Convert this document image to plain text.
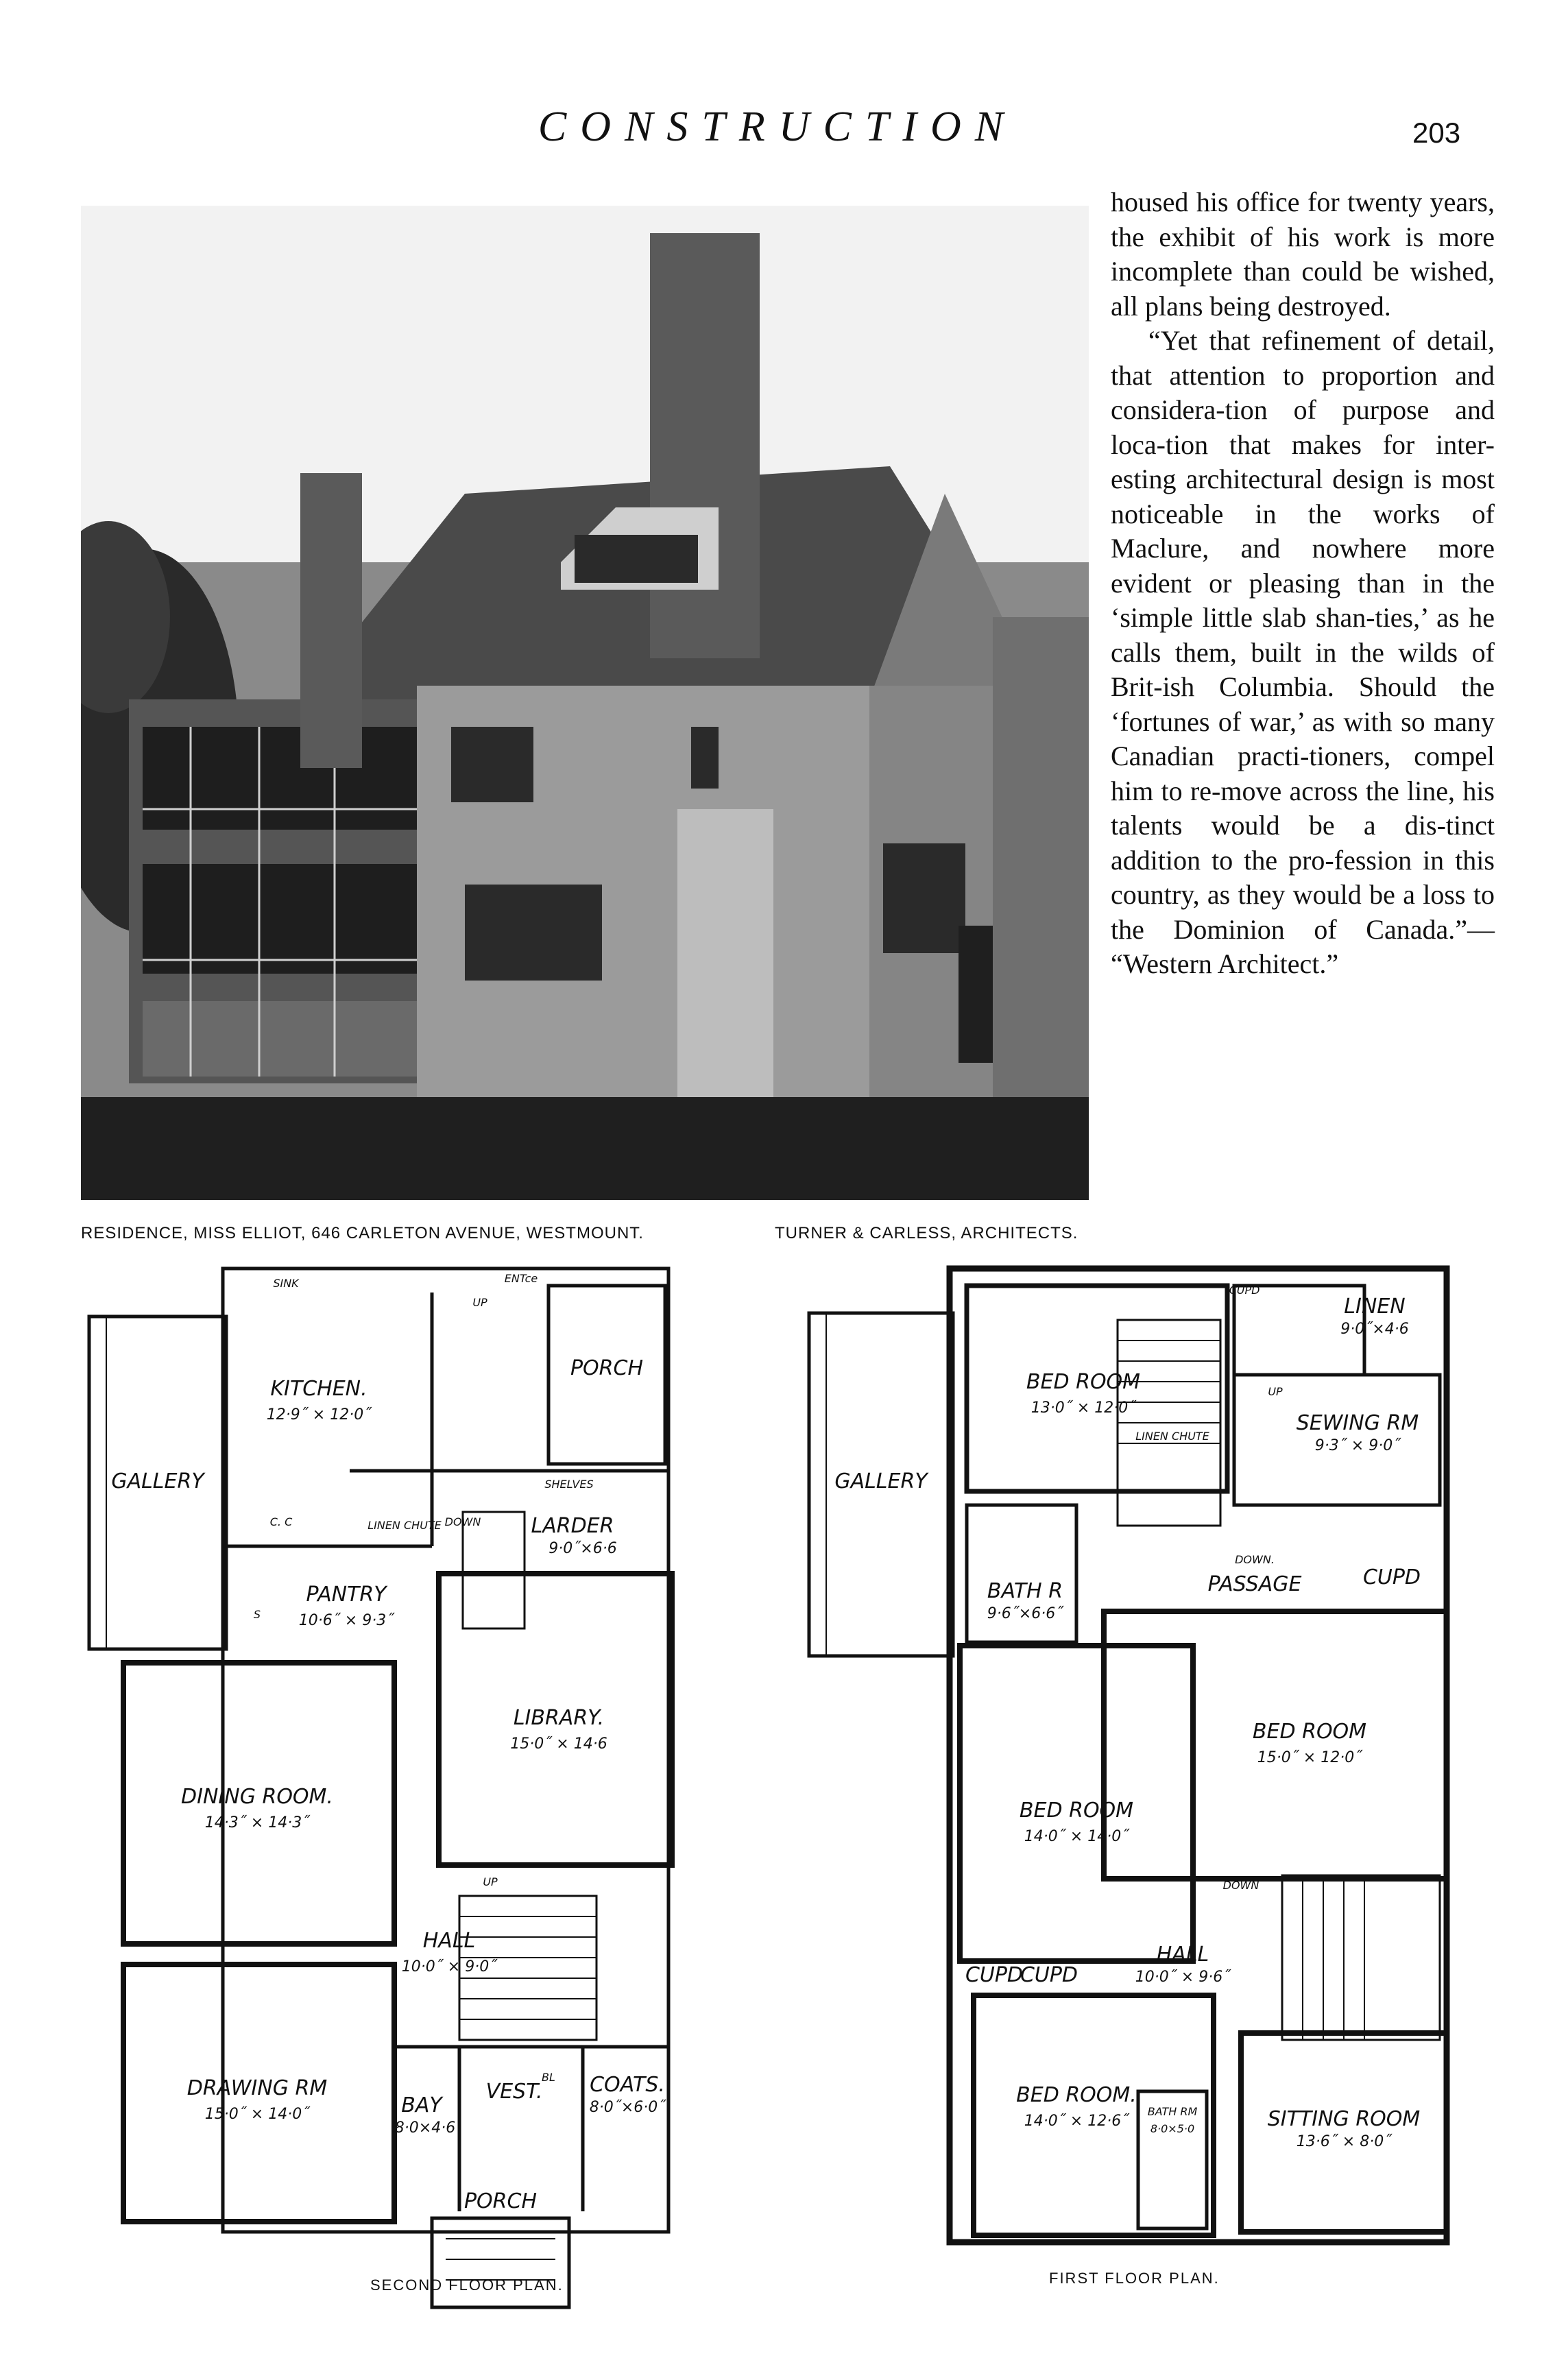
CONSTRUCTION	203

housed his office for twenty years, the exhibit of his work is more incomplete than could be wished, all plans being destroyed.

“Yet that refinement of detail, that attention to proportion and considera-tion of purpose and loca-tion that makes for inter-esting architectural design is most noticeable in the works of Maclure, and nowhere more evident or pleasing than in the ‘simple little slab shan-ties,’ as he calls them, built in the wilds of Brit-ish Columbia. Should the ‘fortunes of war,’ as with so many Canadian practi-tioners, compel him to re-move across the line, his talents would be a dis-tinct addition to the pro-fession in this country, as they would be a loss to the Dominion of Canada.”— “Western Architect.”

RESIDENCE, MISS ELLIOT, 646 CARLETON AVENUE, WESTMOUNT.	TURNER & CARLESS, ARCHITECTS.
SINK	ENTce
UP
PORCH
KITCHEN.
12·9˝ × 12·0˝
GALLERY	SHELVES
LARDER
9·0˝×6·6
LINEN CHUTE DOWN
C. C
PANTRY
10·6˝ × 9·3˝
S
LIBRARY.
15·0˝ × 14·6
DINING ROOM.
14·3˝ × 14·3˝
UP
HALL
10·0˝ × 9·0˝
DRAWING RM
15·0˝ × 14·0˝	BAY
8·0×4·6
VEST.
BL COATS.
8·0˝×6·0˝
PORCH
SECOND FLOOR PLAN.
CUPD
LINEN
9·0˝×4·6
BED ROOM
13·0˝ × 12·0˝
UP
SEWING RM
9·3˝ × 9·0˝
LINEN CHUTE
GALLERY
DOWN.
PASSAGE
BATH R
9·6˝×6·6˝
CUPD
BED ROOM
15·0˝ × 12·0˝
BED ROOM
14·0˝ × 14·0˝
DOWN
HALL
10·0˝ × 9·6˝
CUPD
CUPD
BED ROOM.
14·0˝ × 12·6˝
BATH RM
8·0×5·0	SITTING ROOM
13·6˝ × 8·0˝
FIRST FLOOR PLAN.
